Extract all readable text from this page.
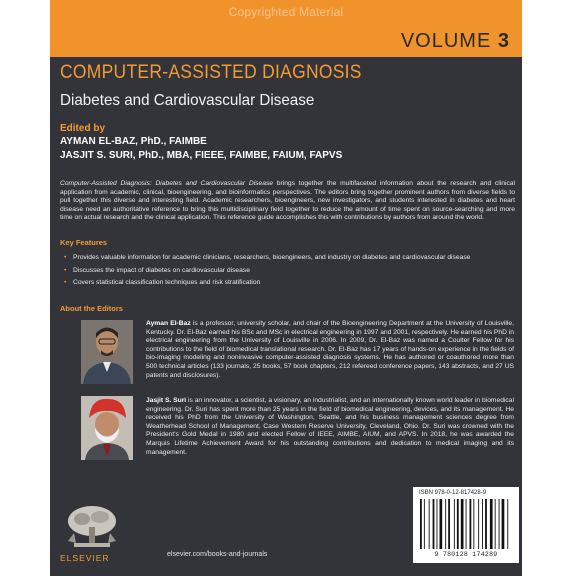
Copyrighted Material
VOLUME 3
COMPUTER-ASSISTED DIAGNOSIS
Diabetes and Cardiovascular Disease
Edited by
AYMAN EL-BAZ, PhD., FAIMBE
JASJIT S. SURI, PhD., MBA, FIEEE, FAIMBE, FAIUM, FAPVS
Computer-Assisted Diagnosis: Diabetes and Cardiovascular Disease brings together the multifaceted information about the research and clinical application from academic, clinical, bioengineering, and bioinformatics perspectives. The editors bring together prominent authors from diverse fields to pull together this diverse and interesting field. Academic researchers, bioengineers, new investigators, and students interested in diabetes and heart disease need an authoritative reference to bring this multidisciplinary field together to reduce the amount of time spent on source-searching and more time on actual research and the clinical application. This reference guide accomplishes this with contributions by authors from around the world.
Key Features
• Provides valuable information for academic clinicians, researchers, bioengineers, and industry on diabetes and cardiovascular disease
• Discusses the impact of diabetes on cardiovascular disease
• Covers statistical classification techniques and risk stratification
About the Editors
Ayman El-Baz is a professor, university scholar, and chair of the Bioengineering Department at the University of Louisville, Kentucky. Dr. El-Baz earned his BSc and MSc in electrical engineering in 1997 and 2001, respectively. He earned his PhD in electrical engineering from the University of Louisville in 2006. In 2009, Dr. El-Baz was named a Coulter Fellow for his contributions to the field of biomedical translational research. Dr. El-Baz has 17 years of hands-on experience in the fields of bio-imaging modeling and noninvasive computer-assisted diagnosis systems. He has authored or coauthored more than 500 technical articles (133 journals, 25 books, 57 book chapters, 212 refereed conference papers, 143 abstracts, and 27 US patents and disclosures).
Jasjit S. Suri is an innovator, a scientist, a visionary, an industrialist, and an internationally known world leader in biomedical engineering. Dr. Suri has spent more than 25 years in the field of biomedical engineering, devices, and its management. He received his PhD from the University of Washington, Seattle, and his business management sciences degree from Weatherhead School of Management, Case Western Reserve University, Cleveland, Ohio. Dr. Suri was crowned with the President's Gold Medal in 1980 and elected Fellow of IEEE, AIMBE, AIUM, and APVS. In 2018, he was awarded the Marquis Lifetime Achievement Award for his outstanding contributions and dedication to medical imaging and its management.
ELSEVIER	elsevier.com/books-and-journals
ISBN 978-0-12-817428-9
9 780128 174289
